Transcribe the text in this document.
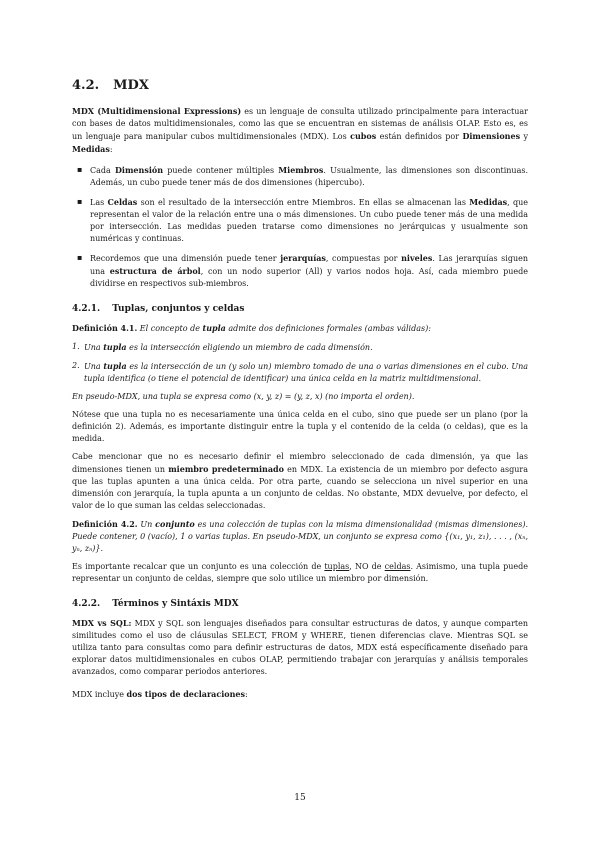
4.2. MDX

MDX (Multidimensional Expressions) es un lenguaje de consulta utilizado principalmente para interactuar con bases de datos multidimensionales, como las que se encuentran en sistemas de análisis OLAP. Esto es, es un lenguaje para manipular cubos multidimensionales (MDX). Los cubos están definidos por Dimensiones y Medidas:

▪ Cada Dimensión puede contener múltiples Miembros. Usualmente, las dimensiones son discontinuas. Además, un cubo puede tener más de dos dimensiones (hipercubo).
▪ Las Celdas son el resultado de la intersección entre Miembros. En ellas se almacenan las Medidas, que representan el valor de la relación entre una o más dimensiones. Un cubo puede tener más de una medida por intersección. Las medidas pueden tratarse como dimensiones no jerárquicas y usualmente son numéricas y continuas.
▪ Recordemos que una dimensión puede tener jerarquías, compuestas por niveles. Las jerarquías siguen una estructura de árbol, con un nodo superior (All) y varios nodos hoja. Así, cada miembro puede dividirse en respectivos sub-miembros.
4.2.1. Tuplas, conjuntos y celdas
Definición 4.1. El concepto de tupla admite dos definiciones formales (ambas válidas):
1. Una tupla es la intersección eligiendo un miembro de cada dimensión.
2. Una tupla es la intersección de un (y solo un) miembro tomado de una o varias dimensiones en el cubo. Una tupla identifica (o tiene el potencial de identificar) una única celda en la matriz multidimensional.

En pseudo-MDX, una tupla se expresa como (x, y, z) = (y, z, x) (no importa el orden).

Nótese que una tupla no es necesariamente una única celda en el cubo, sino que puede ser un plano (por la definición 2). Además, es importante distinguir entre la tupla y el contenido de la celda (o celdas), que es la medida.

Cabe mencionar que no es necesario definir el miembro seleccionado de cada dimensión, ya que las dimensiones tienen un miembro predeterminado en MDX. La existencia de un miembro por defecto asgura que las tuplas apunten a una única celda. Por otra parte, cuando se selecciona un nivel superior en una dimensión con jerarquía, la tupla apunta a un conjunto de celdas. No obstante, MDX devuelve, por defecto, el valor de lo que suman las celdas seleccionadas.

Definición 4.2. Un conjunto es una colección de tuplas con la misma dimensionalidad (mismas dimensiones). Puede contener, 0 (vacío), 1 o varias tuplas. En pseudo-MDX, un conjunto se expresa como {(x₁, y₁, z₁), . . . , (xₙ, yₙ, zₙ)}.

Es importante recalcar que un conjunto es una colección de tuplas, NO de celdas. Asimismo, una tupla puede representar un conjunto de celdas, siempre que solo utilice un miembro por dimensión.

4.2.2. Términos y Sintáxis MDX

MDX vs SQL: MDX y SQL son lenguajes diseñados para consultar estructuras de datos, y aunque comparten similitudes como el uso de cláusulas SELECT, FROM y WHERE, tienen diferencias clave. Mientras SQL se utiliza tanto para consultas como para definir estructuras de datos, MDX está específicamente diseñado para explorar datos multidimensionales en cubos OLAP, permitiendo trabajar con jerarquías y análisis temporales avanzados, como comparar periodos anteriores.

MDX incluye dos tipos de declaraciones:

15
